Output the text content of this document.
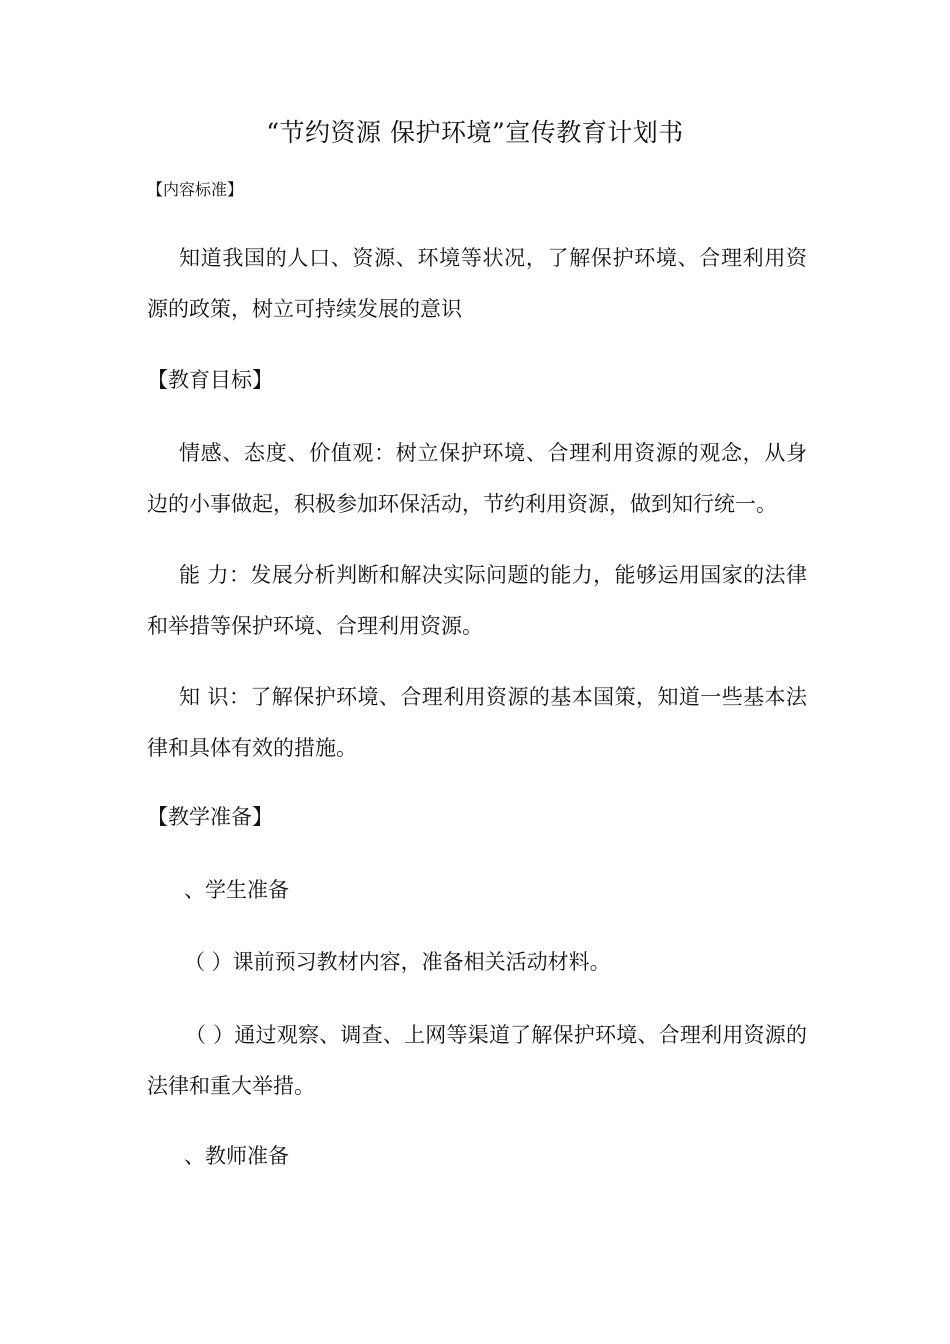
“节约资源 保护环境”宣传教育计划书
【内容标准】
知道我国的人口、资源、环境等状况，了解保护环境、合理利用资源的政策，树立可持续发展的意识
【教育目标】
情感、态度、价值观：树立保护环境、合理利用资源的观念，从身边的小事做起，积极参加环保活动，节约利用资源，做到知行统一。
能 力：发展分析判断和解决实际问题的能力，能够运用国家的法律和举措等保护环境、合理利用资源。
知 识：了解保护环境、合理利用资源的基本国策，知道一些基本法律和具体有效的措施。
【教学准备】
、学生准备
（ ）课前预习教材内容，准备相关活动材料。
（ ）通过观察、调查、上网等渠道了解保护环境、合理利用资源的法律和重大举措。
、教师准备
